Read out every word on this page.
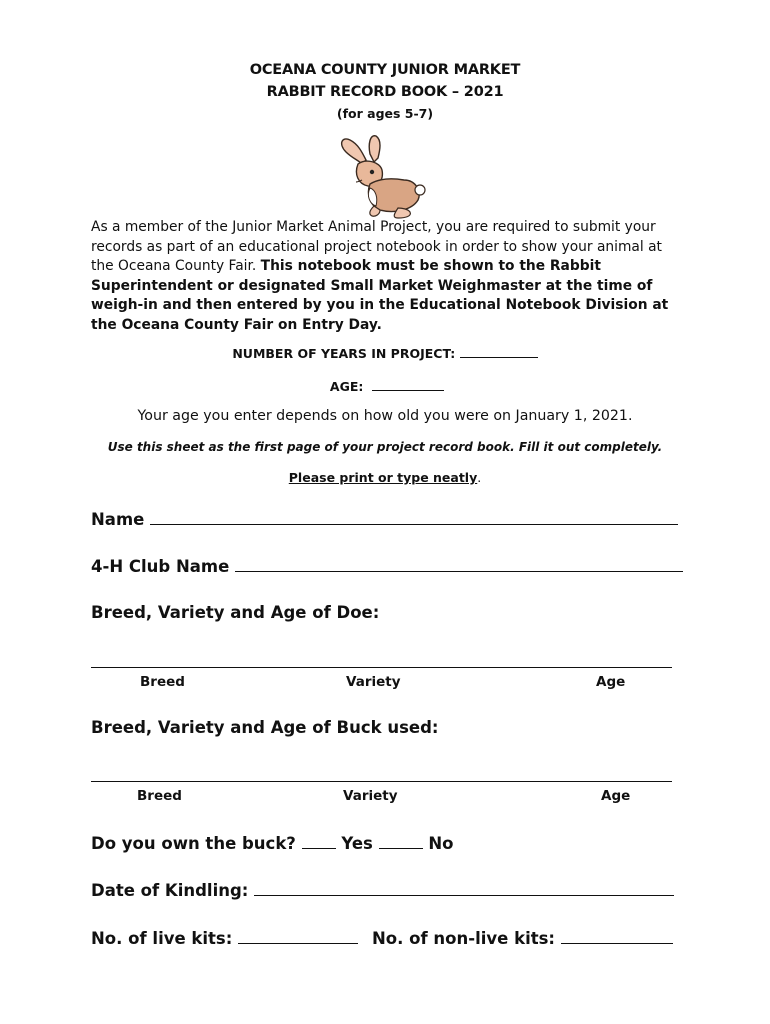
OCEANA COUNTY JUNIOR MARKET
RABBIT RECORD BOOK – 2021
(for ages 5-7)
As a member of the Junior Market Animal Project, you are required to submit your records as part of an educational project notebook in order to show your animal at the Oceana County Fair. This notebook must be shown to the Rabbit Superintendent or designated Small Market Weighmaster at the time of weigh-in and then entered by you in the Educational Notebook Division at the Oceana County Fair on Entry Day.
NUMBER OF YEARS IN PROJECT:
AGE:
Your age you enter depends on how old you were on January 1, 2021.
Use this sheet as the first page of your project record book. Fill it out completely.
Please print or type neatly.
Name
4-H Club Name
Breed, Variety and Age of Doe:
Breed	Variety	Age
Breed, Variety and Age of Buck used:
Breed	Variety	Age
Do you own the buck?	Yes	No
Date of Kindling:
No. of live kits:	No. of non-live kits:
